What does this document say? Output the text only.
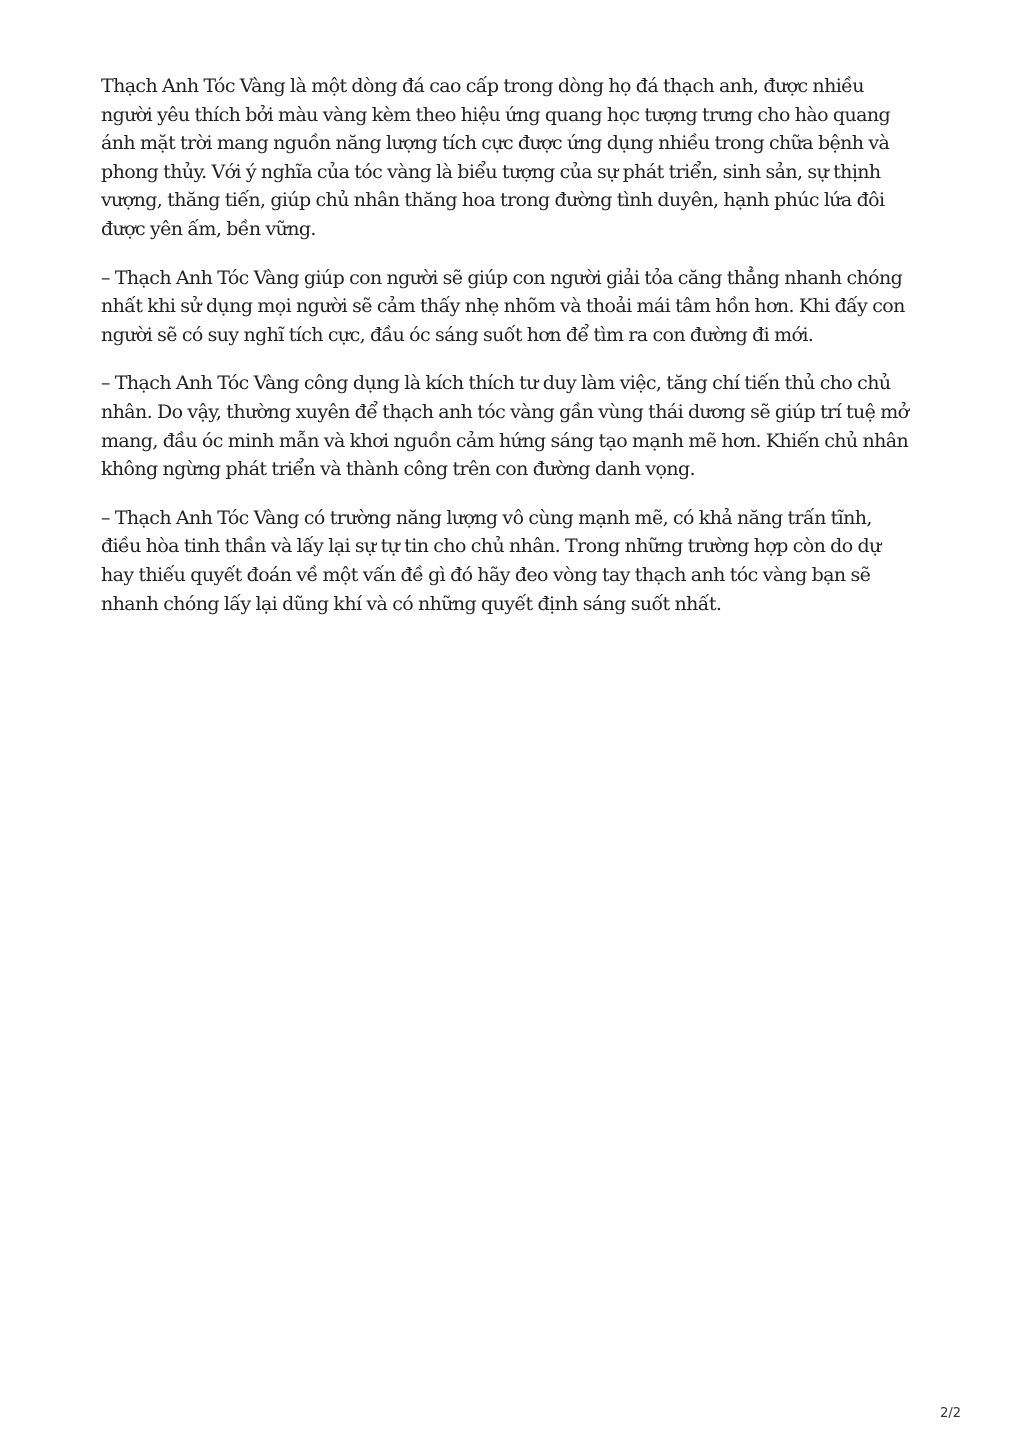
Thạch Anh Tóc Vàng là một dòng đá cao cấp trong dòng họ đá thạch anh, được nhiều người yêu thích bởi màu vàng kèm theo hiệu ứng quang học tượng trưng cho hào quang ánh mặt trời mang nguồn năng lượng tích cực được ứng dụng nhiều trong chữa bệnh và phong thủy. Với ý nghĩa của tóc vàng là biểu tượng của sự phát triển, sinh sản, sự thịnh vượng, thăng tiến, giúp chủ nhân thăng hoa trong đường tình duyên, hạnh phúc lứa đôi được yên ấm, bền vững.

– Thạch Anh Tóc Vàng giúp con người sẽ giúp con người giải tỏa căng thẳng nhanh chóng nhất khi sử dụng mọi người sẽ cảm thấy nhẹ nhõm và thoải mái tâm hồn hơn. Khi đấy con người sẽ có suy nghĩ tích cực, đầu óc sáng suốt hơn để tìm ra con đường đi mới.

– Thạch Anh Tóc Vàng công dụng là kích thích tư duy làm việc, tăng chí tiến thủ cho chủ nhân. Do vậy, thường xuyên để thạch anh tóc vàng gần vùng thái dương sẽ giúp trí tuệ mở mang, đầu óc minh mẫn và khơi nguồn cảm hứng sáng tạo mạnh mẽ hơn. Khiến chủ nhân không ngừng phát triển và thành công trên con đường danh vọng.

– Thạch Anh Tóc Vàng có trường năng lượng vô cùng mạnh mẽ, có khả năng trấn tĩnh, điều hòa tinh thần và lấy lại sự tự tin cho chủ nhân. Trong những trường hợp còn do dự hay thiếu quyết đoán về một vấn đề gì đó hãy đeo vòng tay thạch anh tóc vàng bạn sẽ nhanh chóng lấy lại dũng khí và có những quyết định sáng suốt nhất.

2/2
